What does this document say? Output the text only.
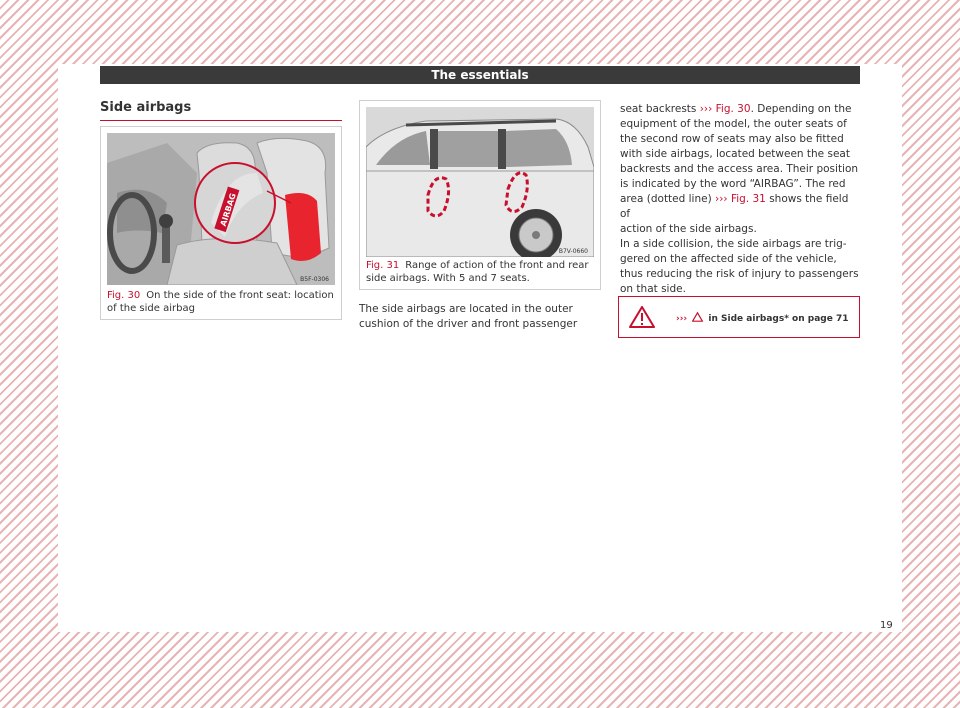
The essentials
Side airbags
AIRBAG
B5F-0306
Fig. 30 On the side of the front seat: location
of the side airbag
B7V-0660
Fig. 31 Range of action of the front and rear
side airbags. With 5 and 7 seats.
The side airbags are located in the outer
cushion of the driver and front passenger
seat backrests ››› Fig. 30. Depending on the
equipment of the model, the outer seats of
the second row of seats may also be fitted
with side airbags, located between the seat
backrests and the access area. Their position
is indicated by the word “AIRBAG”. The red
area (dotted line) ››› Fig. 31 shows the field of
action of the side airbags.
In a side collision, the side airbags are trig-
gered on the affected side of the vehicle,
thus reducing the risk of injury to passengers
on that side.
››› in Side airbags* on page 71
19
